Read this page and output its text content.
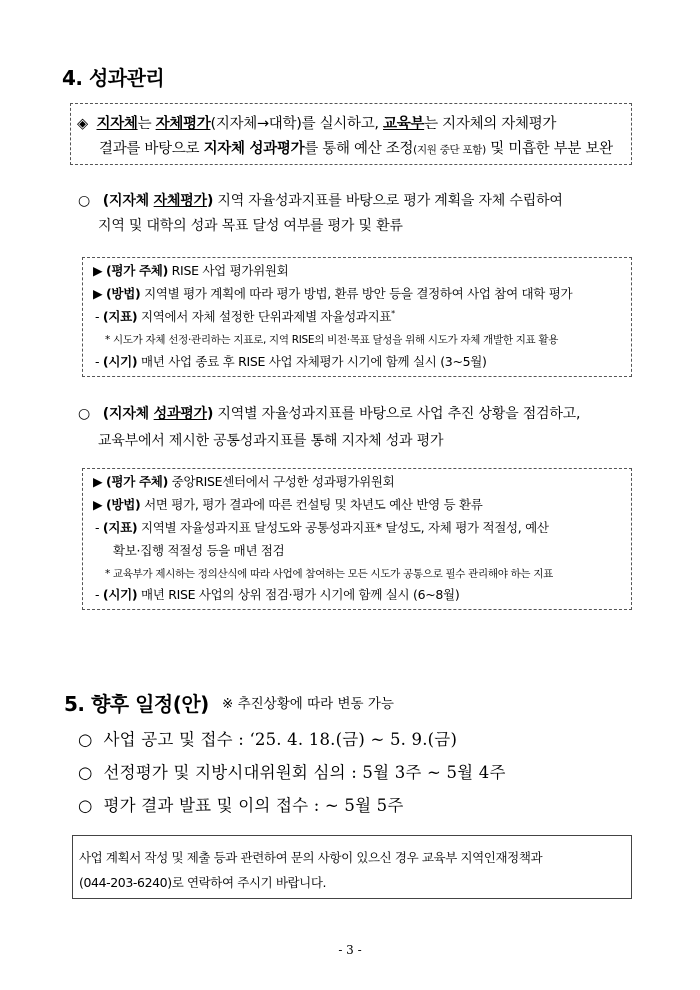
4. 성과관리
◈ 지자체는 자체평가(지자체→대학)를 실시하고, 교육부는 지자체의 자체평가
결과를 바탕으로 지자체 성과평가를 통해 예산 조정(지원 중단 포함) 및 미흡한 부분 보완
○ (지자체 자체평가) 지역 자율성과지표를 바탕으로 평가 계획을 자체 수립하여
지역 및 대학의 성과 목표 달성 여부를 평가 및 환류
▶ (평가 주체) RISE 사업 평가위원회
▶ (방법) 지역별 평가 계획에 따라 평가 방법, 환류 방안 등을 결정하여 사업 참여 대학 평가
- (지표) 지역에서 자체 설정한 단위과제별 자율성과지표*
* 시도가 자체 선정·관리하는 지표로, 지역 RISE의 비전·목표 달성을 위해 시도가 자체 개발한 지표 활용
- (시기) 매년 사업 종료 후 RISE 사업 자체평가 시기에 함께 실시 (3~5월)
○ (지자체 성과평가) 지역별 자율성과지표를 바탕으로 사업 추진 상황을 점검하고,
교육부에서 제시한 공통성과지표를 통해 지자체 성과 평가
▶ (평가 주체) 중앙RISE센터에서 구성한 성과평가위원회
▶ (방법) 서면 평가, 평가 결과에 따른 컨설팅 및 차년도 예산 반영 등 환류
- (지표) 지역별 자율성과지표 달성도와 공통성과지표* 달성도, 자체 평가 적절성, 예산
확보·집행 적절성 등을 매년 점검
* 교육부가 제시하는 정의산식에 따라 사업에 참여하는 모든 시도가 공통으로 필수 관리해야 하는 지표
- (시기) 매년 RISE 사업의 상위 점검·평가 시기에 함께 실시 (6~8월)
5. 향후 일정(안) ※ 추진상황에 따라 변동 가능
○ 사업 공고 및 접수 : ‘25. 4. 18.(금) ~ 5. 9.(금)
○ 선정평가 및 지방시대위원회 심의 : 5월 3주 ~ 5월 4주
○ 평가 결과 발표 및 이의 접수 : ~ 5월 5주
사업 계획서 작성 및 제출 등과 관련하여 문의 사항이 있으신 경우 교육부 지역인재정책과
(044-203-6240)로 연락하여 주시기 바랍니다.
- 3 -
